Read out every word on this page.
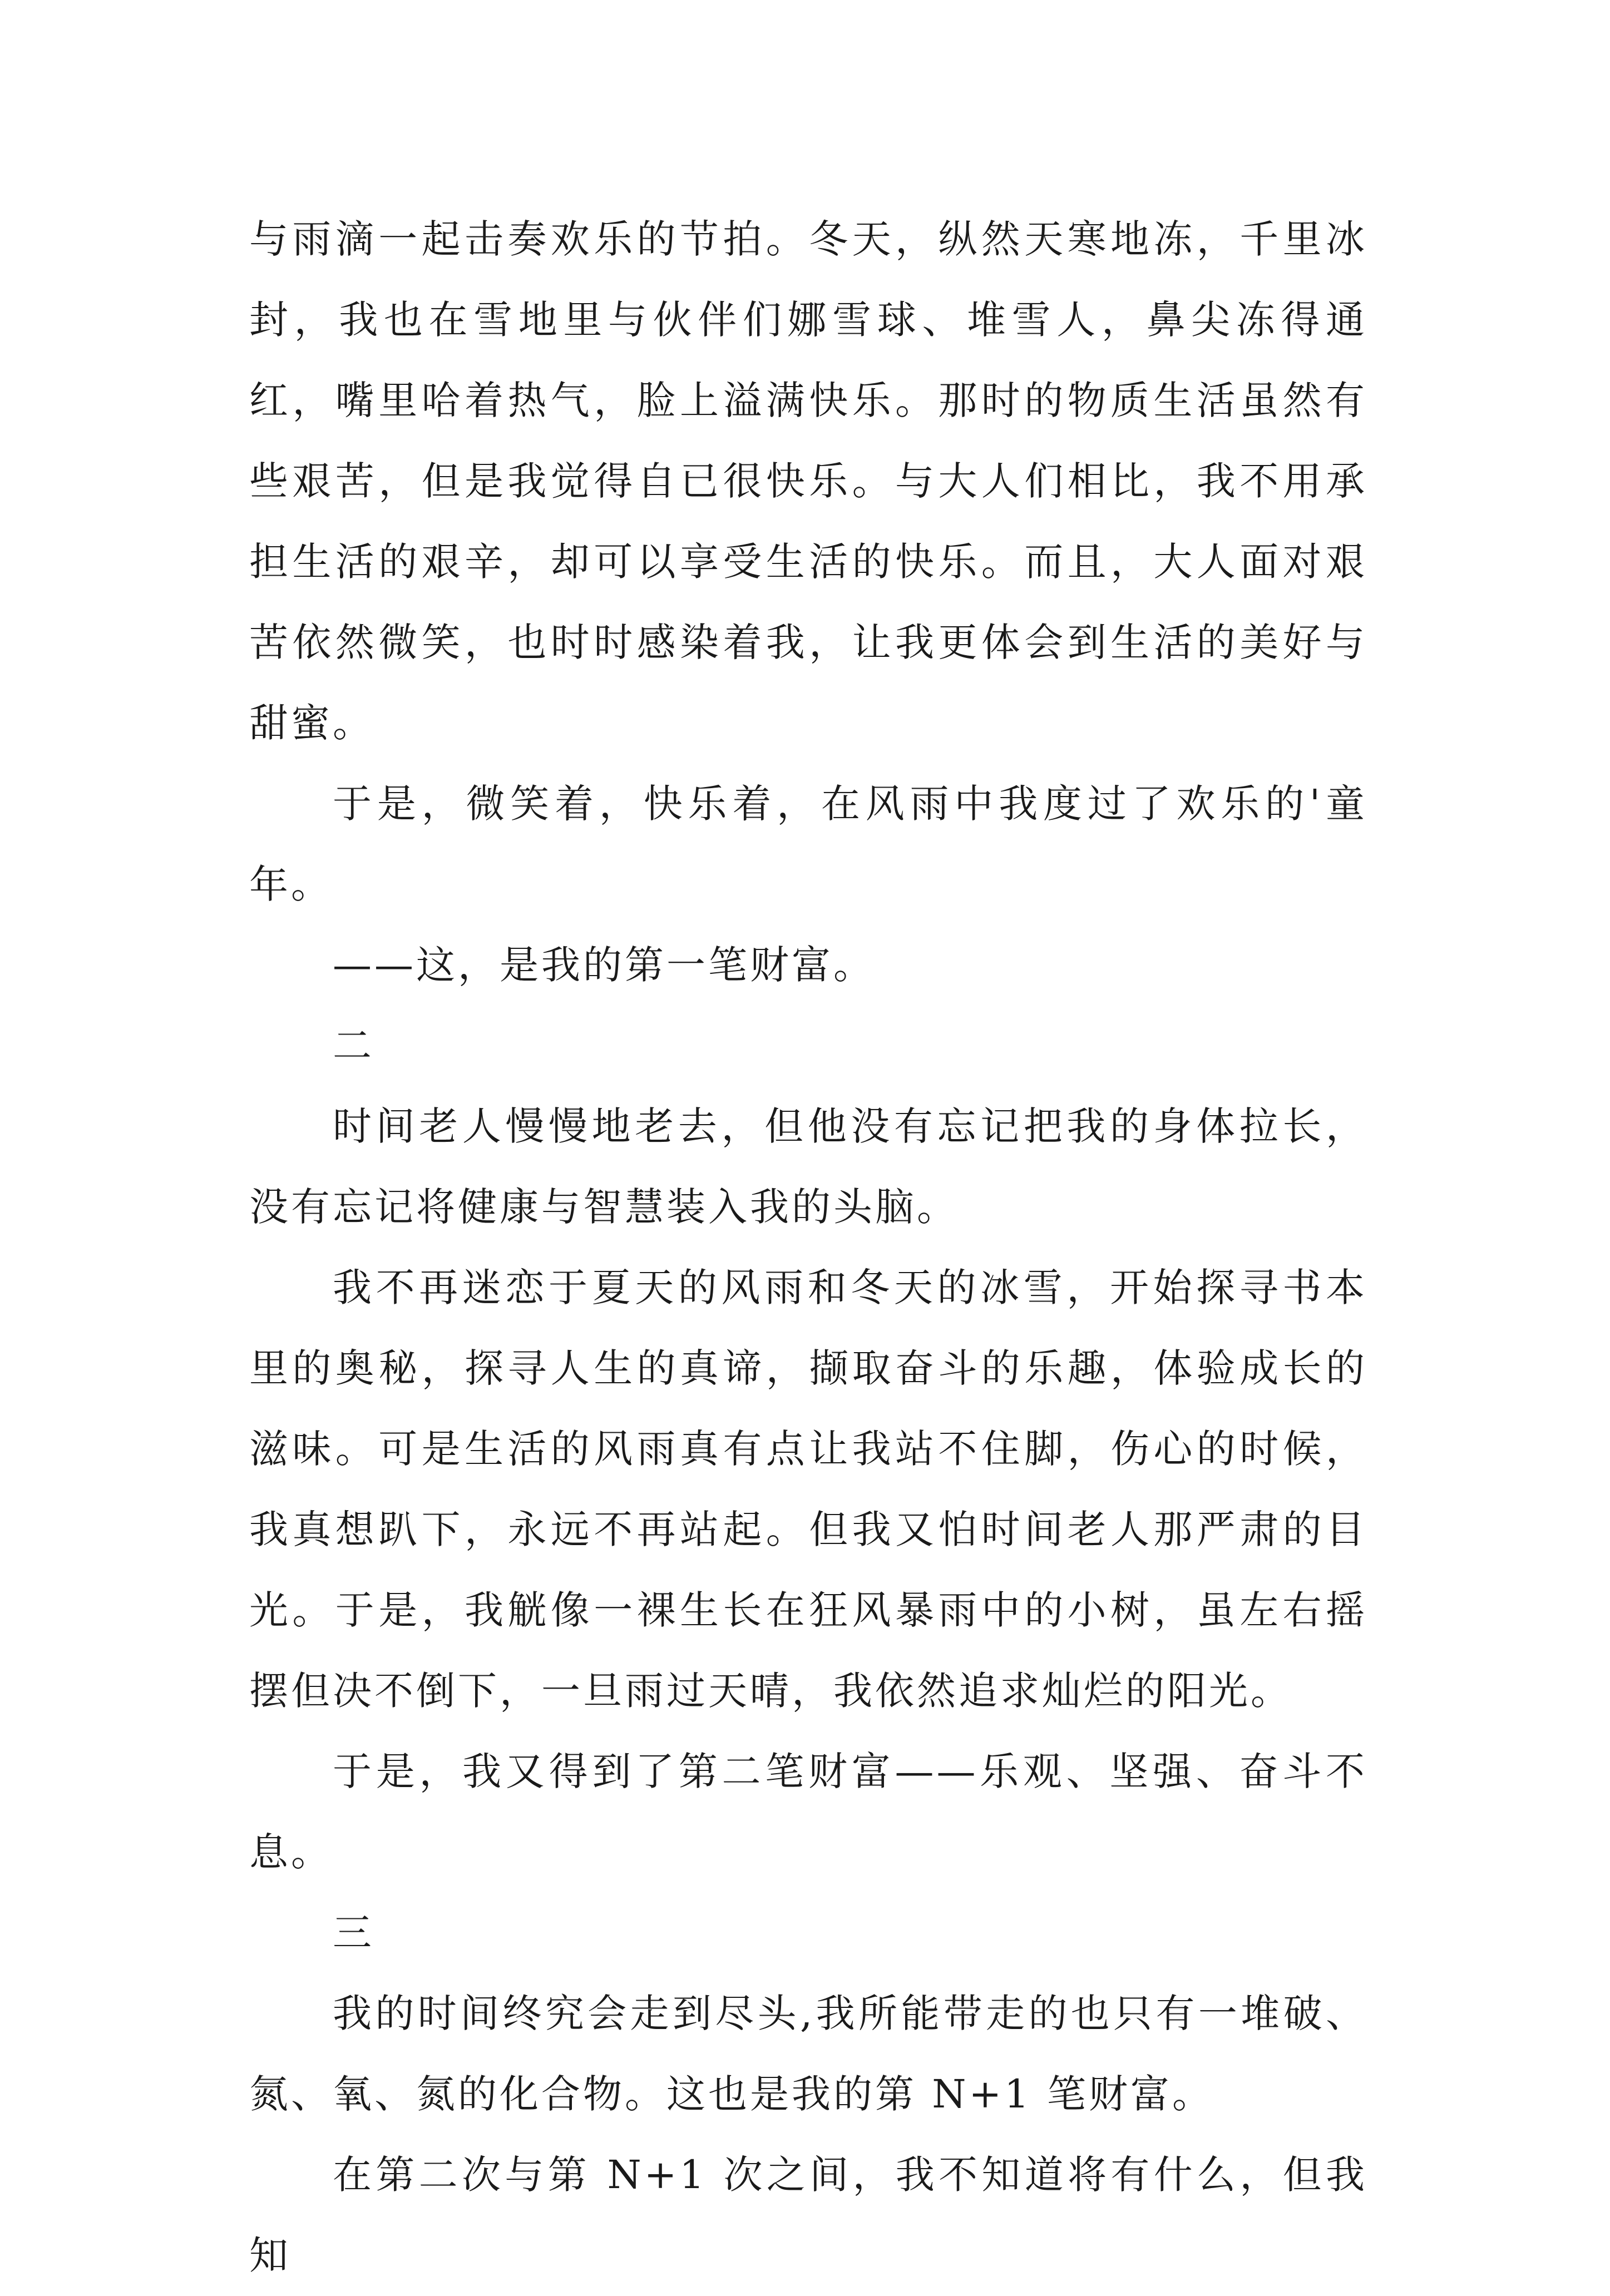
与雨滴一起击奏欢乐的节拍。冬天，纵然天寒地冻，千里冰封，我也在雪地里与伙伴们娜雪球、堆雪人，鼻尖冻得通红，嘴里哈着热气，脸上溢满快乐。那时的物质生活虽然有些艰苦，但是我觉得自已很快乐。与大人们相比，我不用承担生活的艰辛，却可以享受生活的快乐。而且，大人面对艰苦依然微笑，也时时感染着我，让我更体会到生活的美好与甜蜜。

于是，微笑着，快乐着，在风雨中我度过了欢乐的'童年。

——这，是我的第一笔财富。

二

时间老人慢慢地老去，但他没有忘记把我的身体拉长，没有忘记将健康与智慧装入我的头脑。

我不再迷恋于夏天的风雨和冬天的冰雪，开始探寻书本里的奥秘，探寻人生的真谛，撷取奋斗的乐趣，体验成长的滋味。可是生活的风雨真有点让我站不住脚，伤心的时候，我真想趴下，永远不再站起。但我又怕时间老人那严肃的目光。于是，我觥像一裸生长在狂风暴雨中的小树，虽左右摇摆但决不倒下，一旦雨过天晴，我依然追求灿烂的阳光。

于是，我又得到了第二笔财富——乐观、坚强、奋斗不息。

三

我的时间终究会走到尽头,我所能带走的也只有一堆破、氮、氧、氮的化合物。这也是我的第 N+1 笔财富。

在第二次与第 N+1 次之间，我不知道将有什么，但我知
